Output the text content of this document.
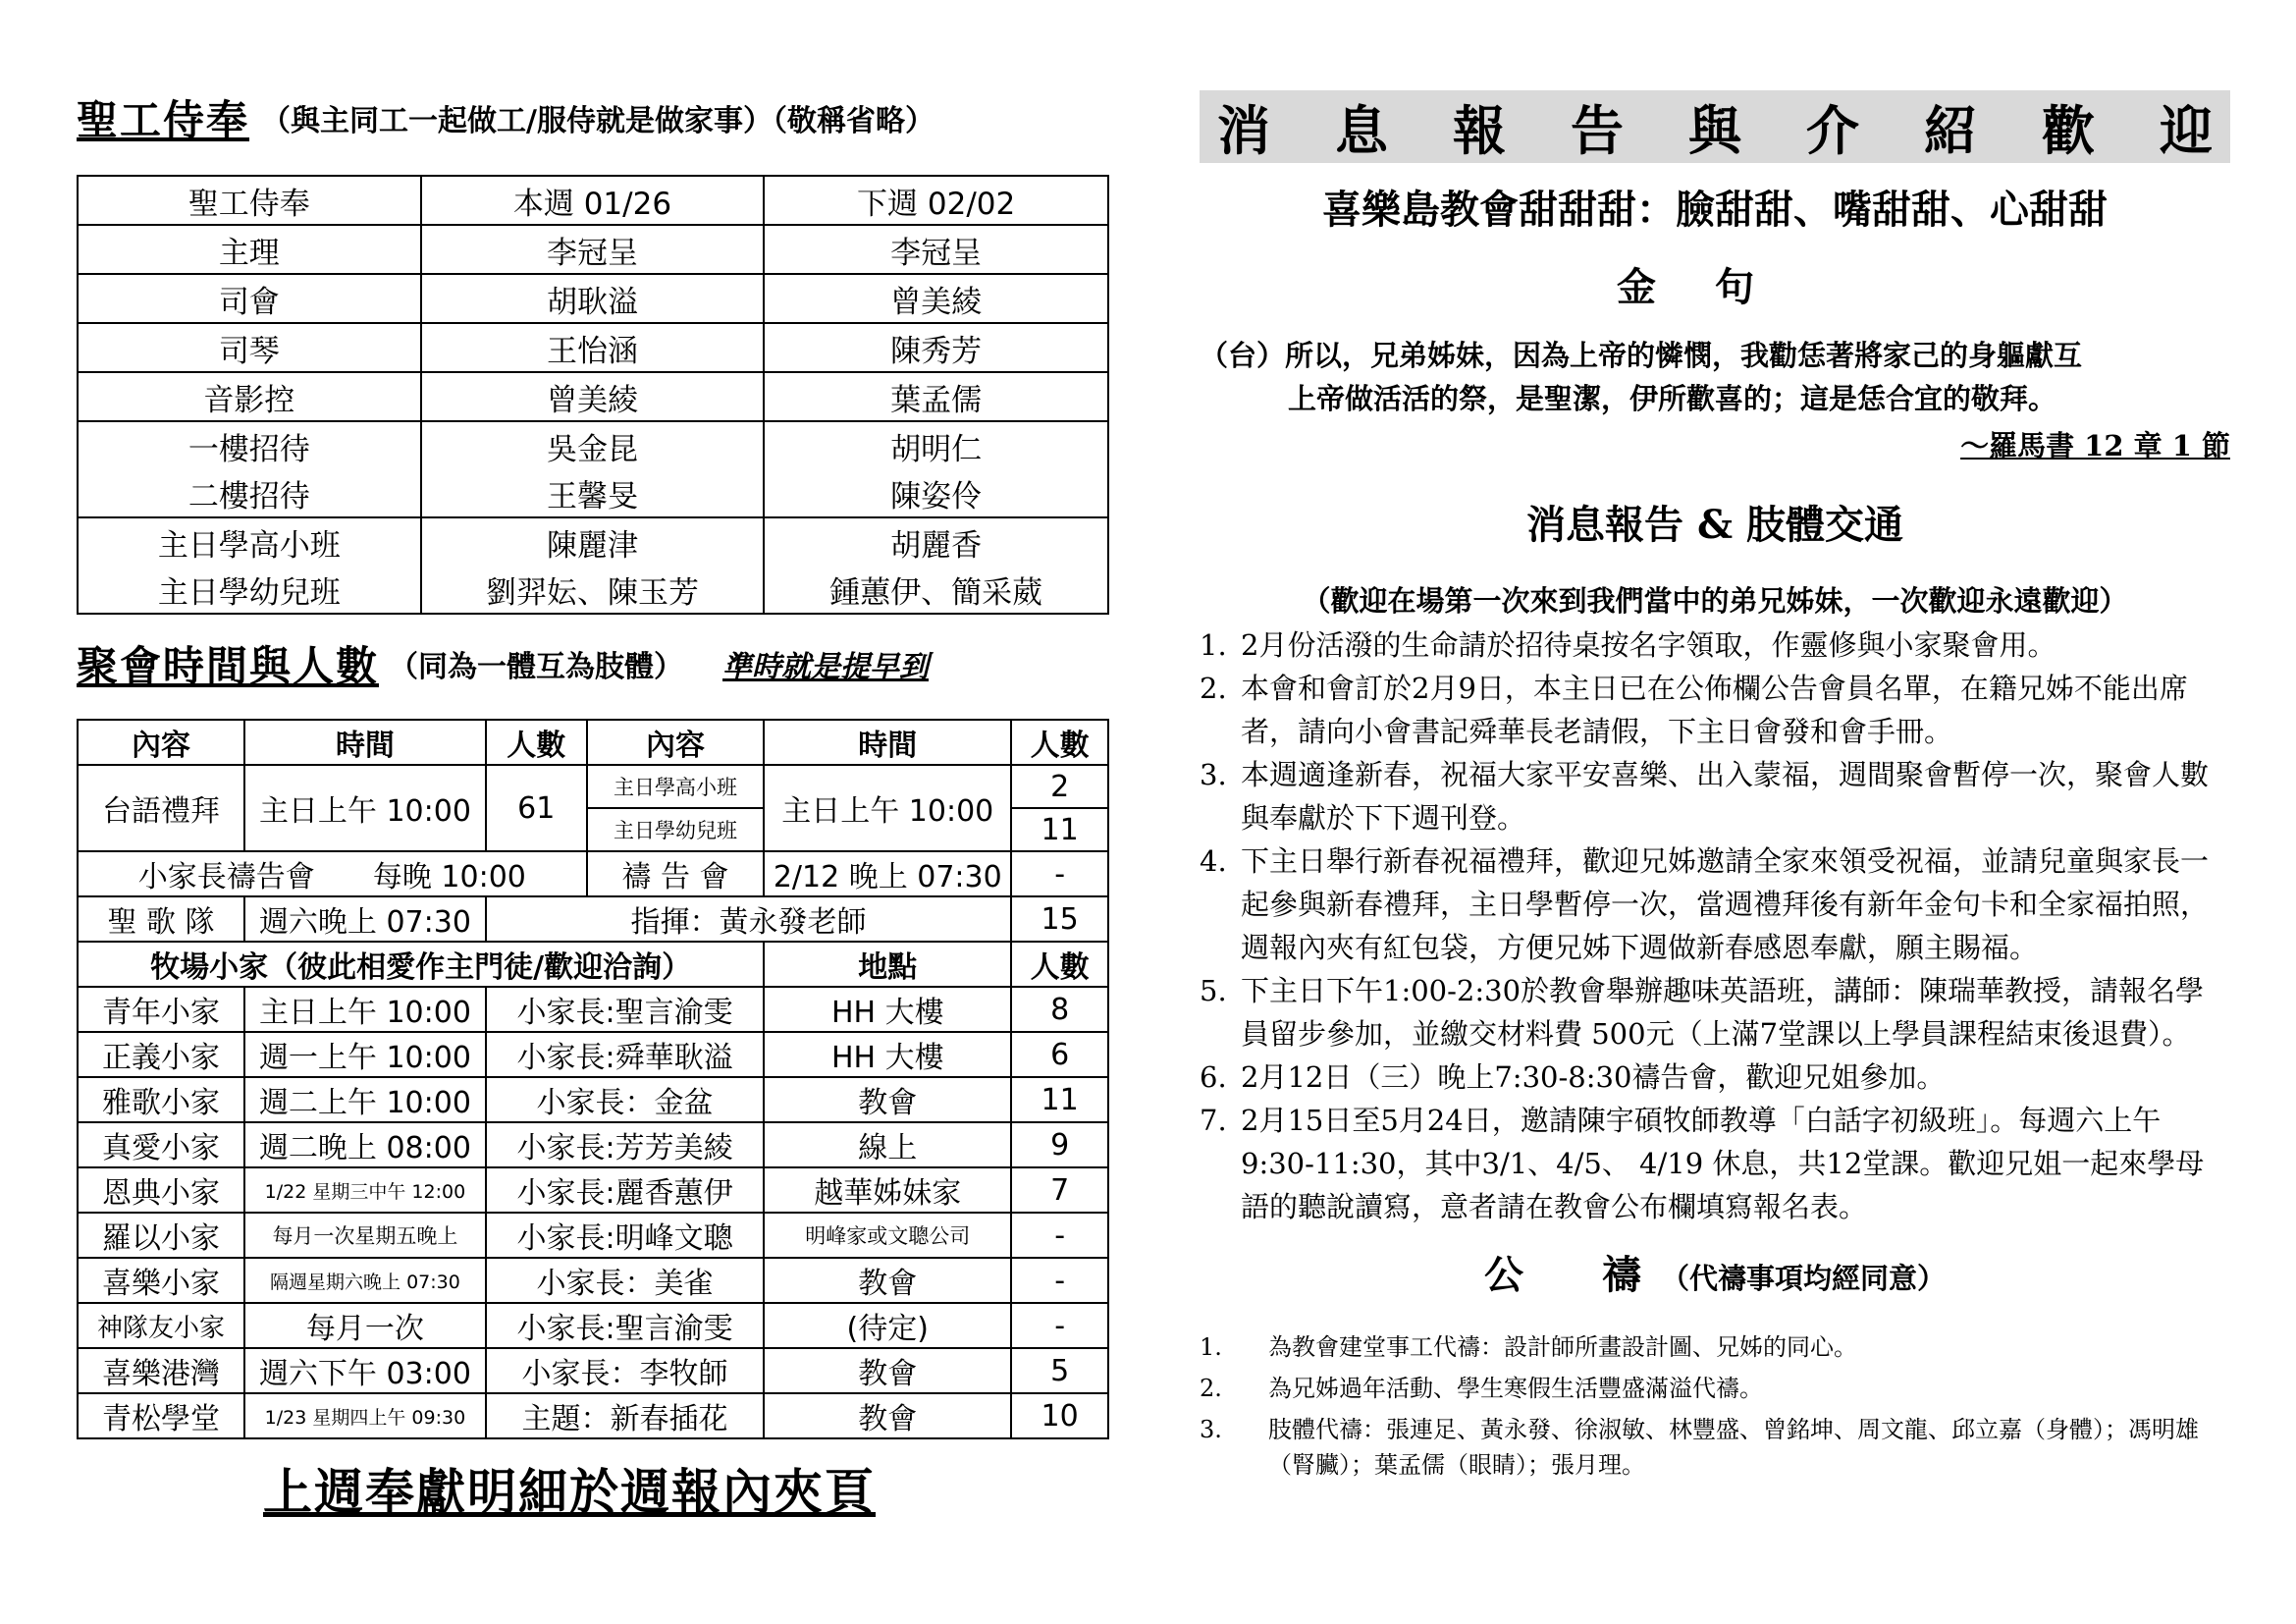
聖工侍奉 （與主同工一起做工/服侍就是做家事）（敬稱省略）
聖工侍奉	本週 01/26	下週 02/02
主理	李冠呈	李冠呈
司會	胡耿溢	曾美綾
司琴	王怡涵	陳秀芳
音影控	曾美綾	葉孟儒
一樓招待	吳金昆	胡明仁
二樓招待	王馨旻	陳姿伶
主日學高小班	陳麗津	胡麗香
主日學幼兒班	劉羿妘、陳玉芳	鍾蕙伊、簡采葳
聚會時間與人數 （同為一體互為肢體） 準時就是提早到
內容	時間	人數	內容	時間	人數
台語禮拜	主日上午 10:00	61	主日學高小班	主日上午 10:00	2
			主日學幼兒班		11
小家長禱告會 每晚 10:00			禱 告 會	2/12 晚上 07:30	-
聖 歌 隊	週六晚上 07:30	指揮：黃永發老師			15
牧場小家（彼此相愛作主門徒/歡迎洽詢）				地點	人數
青年小家	主日上午 10:00	小家長:聖言渝雯		HH 大樓	8
正義小家	週一上午 10:00	小家長:舜華耿溢		HH 大樓	6
雅歌小家	週二上午 10:00	小家長：金盆		教會	11
真愛小家	週二晚上 08:00	小家長:芳芳美綾		線上	9
恩典小家	1/22 星期三中午 12:00	小家長:麗香蕙伊		越華姊妹家	7
羅以小家	每月一次星期五晚上	小家長:明峰文聰		明峰家或文聰公司	-
喜樂小家	隔週星期六晚上 07:30	小家長：美雀		教會	-
神隊友小家	每月一次	小家長:聖言渝雯		(待定)	-
喜樂港灣	週六下午 03:00	小家長：李牧師		教會	5
青松學堂	1/23 星期四上午 09:30	主題：新春插花		教會	10
上週奉獻明細於週報內夾頁
消 息 報 告 與 介 紹 歡 迎
喜樂島教會甜甜甜：臉甜甜、嘴甜甜、心甜甜
金句
（台）所以，兄弟姊妹，因為上帝的憐憫，我勸恁著將家己的身軀獻互
上帝做活活的祭，是聖潔，伊所歡喜的；這是恁合宜的敬拜。
～羅馬書 12 章 1 節
消息報告 & 肢體交通
（歡迎在場第一次來到我們當中的弟兄姊妹，一次歡迎永遠歡迎）
1. 2月份活潑的生命請於招待桌按名字領取，作靈修與小家聚會用。
2. 本會和會訂於2月9日，本主日已在公佈欄公告會員名單，在籍兄姊不能出席者，請向小會書記舜華長老請假，下主日會發和會手冊。
3. 本週適逢新春，祝福大家平安喜樂、出入蒙福，週間聚會暫停一次，聚會人數與奉獻於下下週刊登。
4. 下主日舉行新春祝福禮拜，歡迎兄姊邀請全家來領受祝福，並請兒童與家長一起參與新春禮拜，主日學暫停一次，當週禮拜後有新年金句卡和全家福拍照，週報內夾有紅包袋，方便兄姊下週做新春感恩奉獻，願主賜福。
5. 下主日下午1:00-2:30於教會舉辦趣味英語班，講師：陳瑞華教授，請報名學員留步參加，並繳交材料費 500元（上滿7堂課以上學員課程結束後退費）。
6. 2月12日（三）晚上7:30-8:30禱告會，歡迎兄姐參加。
7. 2月15日至5月24日，邀請陳宇碩牧師教導「白話字初級班」。每週六上午9:30-11:30，其中3/1、4/5、 4/19 休息，共12堂課。歡迎兄姐一起來學母語的聽說讀寫，意者請在教會公布欄填寫報名表。
公禱
（代禱事項均經同意）
1.	為教會建堂事工代禱：設計師所畫設計圖、兄姊的同心。
2.	為兄姊過年活動、學生寒假生活豐盛滿溢代禱。
3.	肢體代禱：張連足、黃永發、徐淑敏、林豐盛、曾銘坤、周文龍、邱立嘉（身體）；馮明雄（腎臟）；葉孟儒（眼睛）；張月理。
